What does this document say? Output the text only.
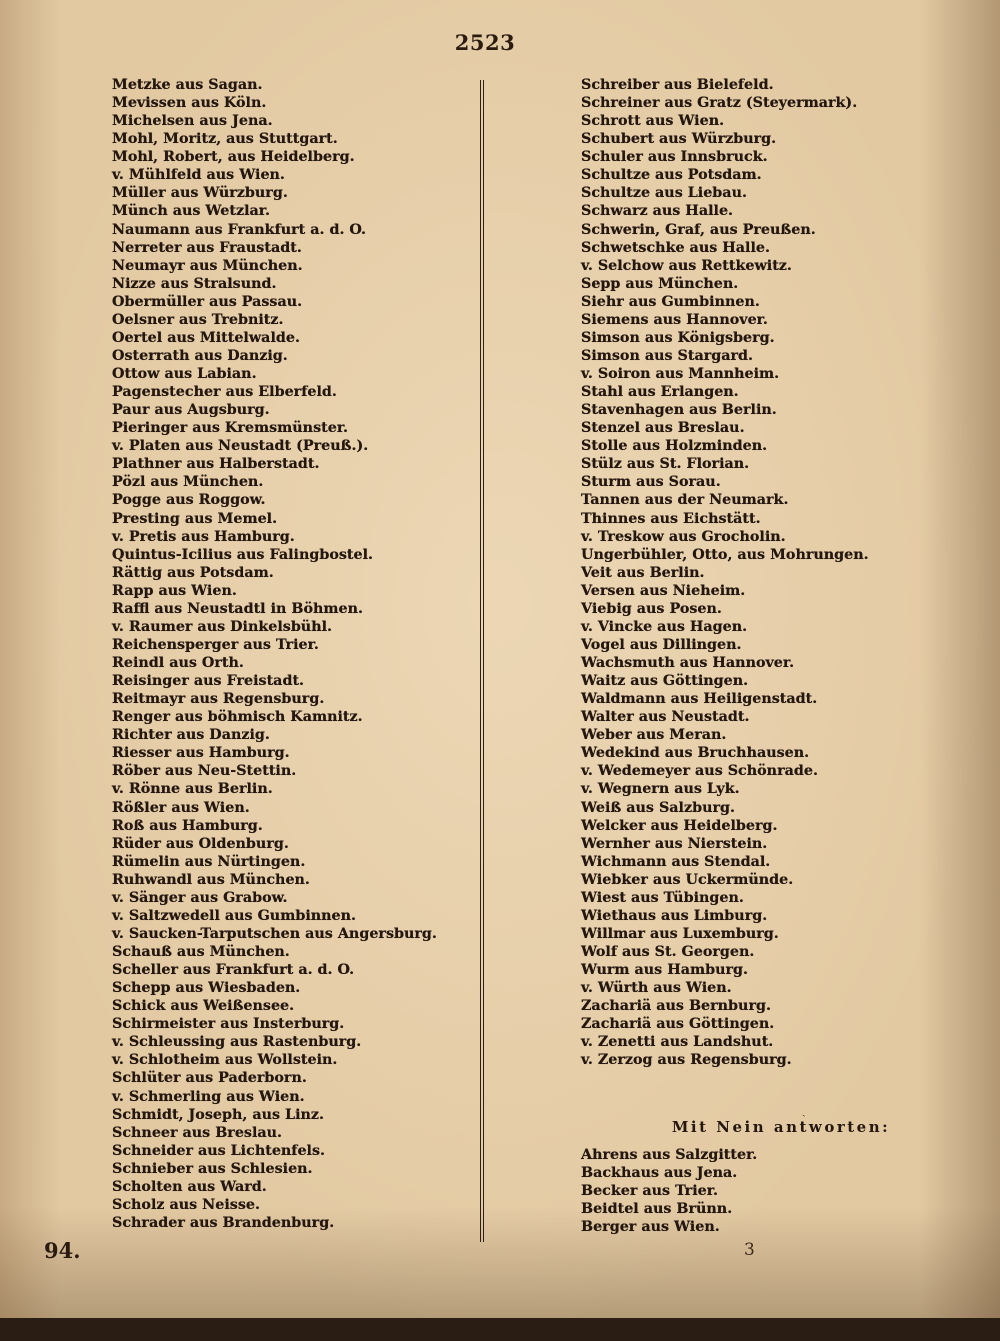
2523
Metzke aus Sagan.
Mevissen aus Köln.
Michelsen aus Jena.
Mohl, Moritz, aus Stuttgart.
Mohl, Robert, aus Heidelberg.
v. Mühlfeld aus Wien.
Müller aus Würzburg.
Münch aus Wetzlar.
Naumann aus Frankfurt a. d. O.
Nerreter aus Fraustadt.
Neumayr aus München.
Nizze aus Stralsund.
Obermüller aus Passau.
Oelsner aus Trebnitz.
Oertel aus Mittelwalde.
Osterrath aus Danzig.
Ottow aus Labian.
Pagenstecher aus Elberfeld.
Paur aus Augsburg.
Pieringer aus Kremsmünster.
v. Platen aus Neustadt (Preuß.).
Plathner aus Halberstadt.
Pözl aus München.
Pogge aus Roggow.
Presting aus Memel.
v. Pretis aus Hamburg.
Quintus-Icilius aus Falingbostel.
Rättig aus Potsdam.
Rapp aus Wien.
Raffl aus Neustadtl in Böhmen.
v. Raumer aus Dinkelsbühl.
Reichensperger aus Trier.
Reindl aus Orth.
Reisinger aus Freistadt.
Reitmayr aus Regensburg.
Renger aus böhmisch Kamnitz.
Richter aus Danzig.
Riesser aus Hamburg.
Röber aus Neu-Stettin.
v. Rönne aus Berlin.
Rößler aus Wien.
Roß aus Hamburg.
Rüder aus Oldenburg.
Rümelin aus Nürtingen.
Ruhwandl aus München.
v. Sänger aus Grabow.
v. Saltzwedell aus Gumbinnen.
v. Saucken-Tarputschen aus Angersburg.
Schauß aus München.
Scheller aus Frankfurt a. d. O.
Schepp aus Wiesbaden.
Schick aus Weißensee.
Schirmeister aus Insterburg.
v. Schleussing aus Rastenburg.
v. Schlotheim aus Wollstein.
Schlüter aus Paderborn.
v. Schmerling aus Wien.
Schmidt, Joseph, aus Linz.
Schneer aus Breslau.
Schneider aus Lichtenfels.
Schnieber aus Schlesien.
Scholten aus Ward.
Scholz aus Neisse.
Schrader aus Brandenburg.
Schreiber aus Bielefeld.
Schreiner aus Gratz (Steyermark).
Schrott aus Wien.
Schubert aus Würzburg.
Schuler aus Innsbruck.
Schultze aus Potsdam.
Schultze aus Liebau.
Schwarz aus Halle.
Schwerin, Graf, aus Preußen.
Schwetschke aus Halle.
v. Selchow aus Rettkewitz.
Sepp aus München.
Siehr aus Gumbinnen.
Siemens aus Hannover.
Simson aus Königsberg.
Simson aus Stargard.
v. Soiron aus Mannheim.
Stahl aus Erlangen.
Stavenhagen aus Berlin.
Stenzel aus Breslau.
Stolle aus Holzminden.
Stülz aus St. Florian.
Sturm aus Sorau.
Tannen aus der Neumark.
Thinnes aus Eichstätt.
v. Treskow aus Grocholin.
Ungerbühler, Otto, aus Mohrungen.
Veit aus Berlin.
Versen aus Nieheim.
Viebig aus Posen.
v. Vincke aus Hagen.
Vogel aus Dillingen.
Wachsmuth aus Hannover.
Waitz aus Göttingen.
Waldmann aus Heiligenstadt.
Walter aus Neustadt.
Weber aus Meran.
Wedekind aus Bruchhausen.
v. Wedemeyer aus Schönrade.
v. Wegnern aus Lyk.
Weiß aus Salzburg.
Welcker aus Heidelberg.
Wernher aus Nierstein.
Wichmann aus Stendal.
Wiebker aus Uckermünde.
Wiest aus Tübingen.
Wiethaus aus Limburg.
Willmar aus Luxemburg.
Wolf aus St. Georgen.
Wurm aus Hamburg.
v. Würth aus Wien.
Zachariä aus Bernburg.
Zachariä aus Göttingen.
v. Zenetti aus Landshut.
v. Zerzog aus Regensburg.
ˎ
Mit Nein antworten:
Ahrens aus Salzgitter.
Backhaus aus Jena.
Becker aus Trier.
Beidtel aus Brünn.
Berger aus Wien.
94.	3
